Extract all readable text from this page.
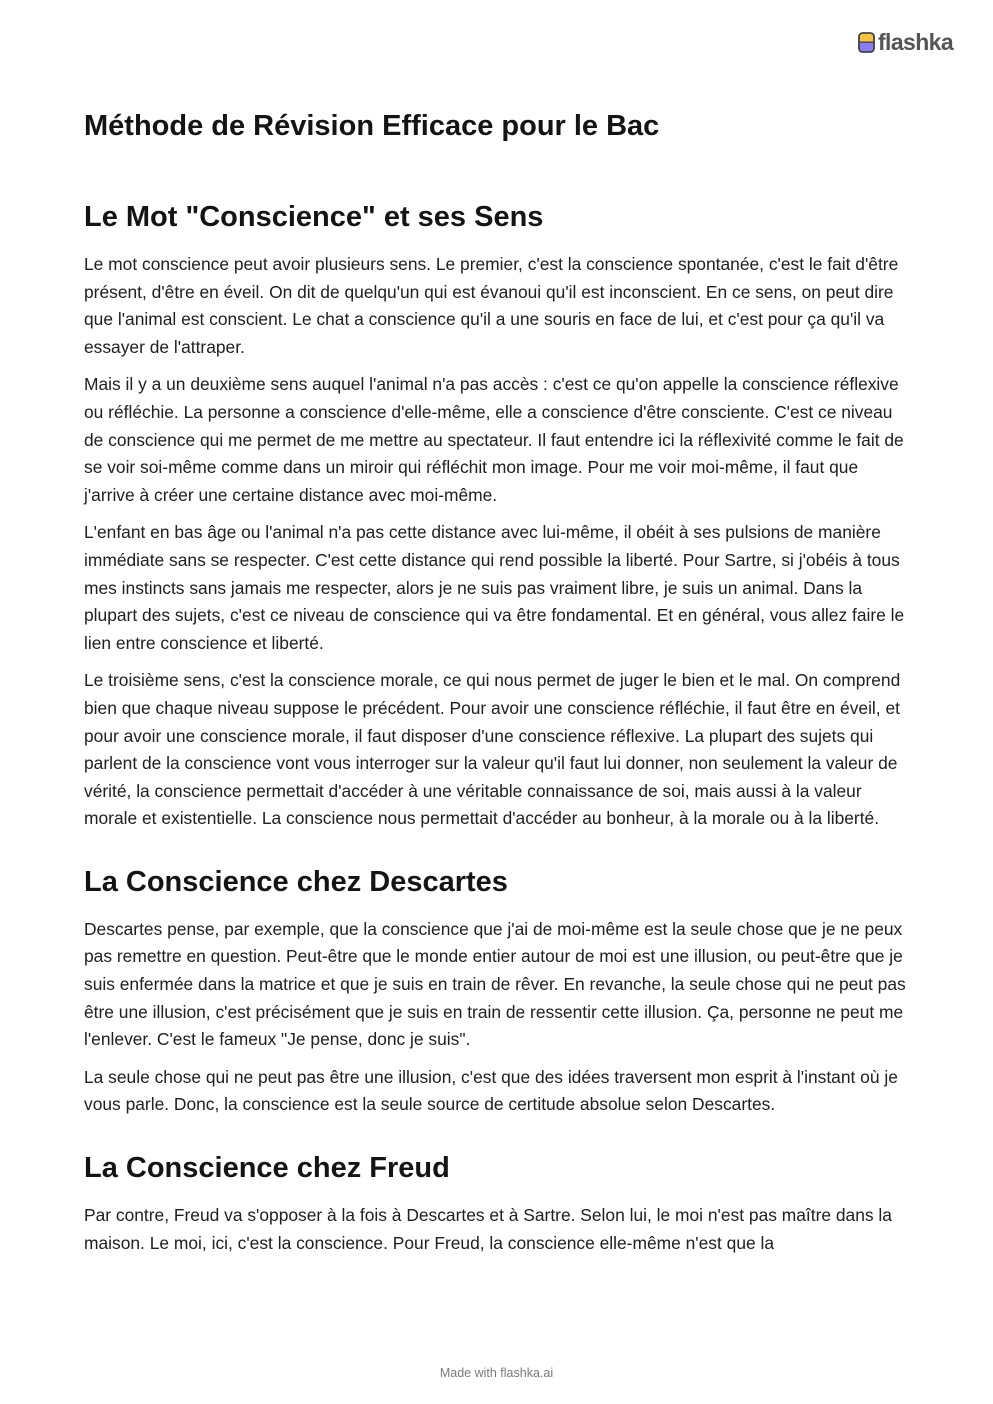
flashka
Méthode de Révision Efficace pour le Bac
Le Mot "Conscience" et ses Sens

Le mot conscience peut avoir plusieurs sens. Le premier, c'est la conscience spontanée, c'est le fait d'être présent, d'être en éveil. On dit de quelqu'un qui est évanoui qu'il est inconscient. En ce sens, on peut dire que l'animal est conscient. Le chat a conscience qu'il a une souris en face de lui, et c'est pour ça qu'il va essayer de l'attraper.

Mais il y a un deuxième sens auquel l'animal n'a pas accès : c'est ce qu'on appelle la conscience réflexive ou réfléchie. La personne a conscience d'elle-même, elle a conscience d'être consciente. C'est ce niveau de conscience qui me permet de me mettre au spectateur. Il faut entendre ici la réflexivité comme le fait de se voir soi-même comme dans un miroir qui réfléchit mon image. Pour me voir moi-même, il faut que j'arrive à créer une certaine distance avec moi-même.

L'enfant en bas âge ou l'animal n'a pas cette distance avec lui-même, il obéit à ses pulsions de manière immédiate sans se respecter. C'est cette distance qui rend possible la liberté. Pour Sartre, si j'obéis à tous mes instincts sans jamais me respecter, alors je ne suis pas vraiment libre, je suis un animal. Dans la plupart des sujets, c'est ce niveau de conscience qui va être fondamental. Et en général, vous allez faire le lien entre conscience et liberté.

Le troisième sens, c'est la conscience morale, ce qui nous permet de juger le bien et le mal. On comprend bien que chaque niveau suppose le précédent. Pour avoir une conscience réfléchie, il faut être en éveil, et pour avoir une conscience morale, il faut disposer d'une conscience réflexive. La plupart des sujets qui parlent de la conscience vont vous interroger sur la valeur qu'il faut lui donner, non seulement la valeur de vérité, la conscience permettait d'accéder à une véritable connaissance de soi, mais aussi à la valeur morale et existentielle. La conscience nous permettait d'accéder au bonheur, à la morale ou à la liberté.

La Conscience chez Descartes

Descartes pense, par exemple, que la conscience que j'ai de moi-même est la seule chose que je ne peux pas remettre en question. Peut-être que le monde entier autour de moi est une illusion, ou peut-être que je suis enfermée dans la matrice et que je suis en train de rêver. En revanche, la seule chose qui ne peut pas être une illusion, c'est précisément que je suis en train de ressentir cette illusion. Ça, personne ne peut me l'enlever. C'est le fameux "Je pense, donc je suis".

La seule chose qui ne peut pas être une illusion, c'est que des idées traversent mon esprit à l'instant où je vous parle. Donc, la conscience est la seule source de certitude absolue selon Descartes.

La Conscience chez Freud

Par contre, Freud va s'opposer à la fois à Descartes et à Sartre. Selon lui, le moi n'est pas maître dans la maison. Le moi, ici, c'est la conscience. Pour Freud, la conscience elle-même n'est que la

Made with flashka.ai
